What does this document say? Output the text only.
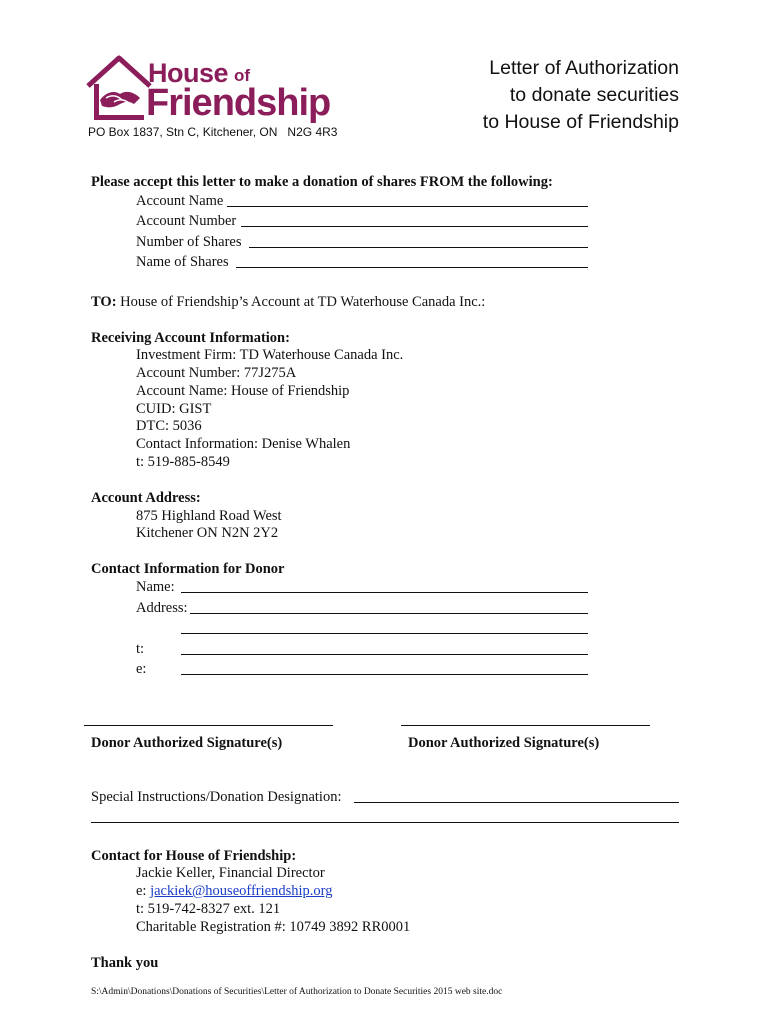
House of
Friendship
PO Box 1837, Stn C, Kitchener, ON   N2G 4R3
Letter of Authorization
to donate securities
to House of Friendship
Please accept this letter to make a donation of shares FROM the following:
Account Name
Account Number
Number of Shares
Name of Shares
TO: House of Friendship’s Account at TD Waterhouse Canada Inc.:
Receiving Account Information:
Investment Firm: TD Waterhouse Canada Inc.
Account Number: 77J275A
Account Name: House of Friendship
CUID: GIST
DTC: 5036
Contact Information: Denise Whalen
t: 519-885-8549
Account Address:
875 Highland Road West
Kitchener ON N2N 2Y2
Contact Information for Donor
Name:
Address:
t:
e:
Donor Authorized Signature(s)	Donor Authorized Signature(s)
Special Instructions/Donation Designation:
Contact for House of Friendship:
Jackie Keller, Financial Director
e: jackiek@houseoffriendship.org
t: 519-742-8327 ext. 121
Charitable Registration #: 10749 3892 RR0001
Thank you
S:\Admin\Donations\Donations of Securities\Letter of Authorization to Donate Securities 2015 web site.doc
